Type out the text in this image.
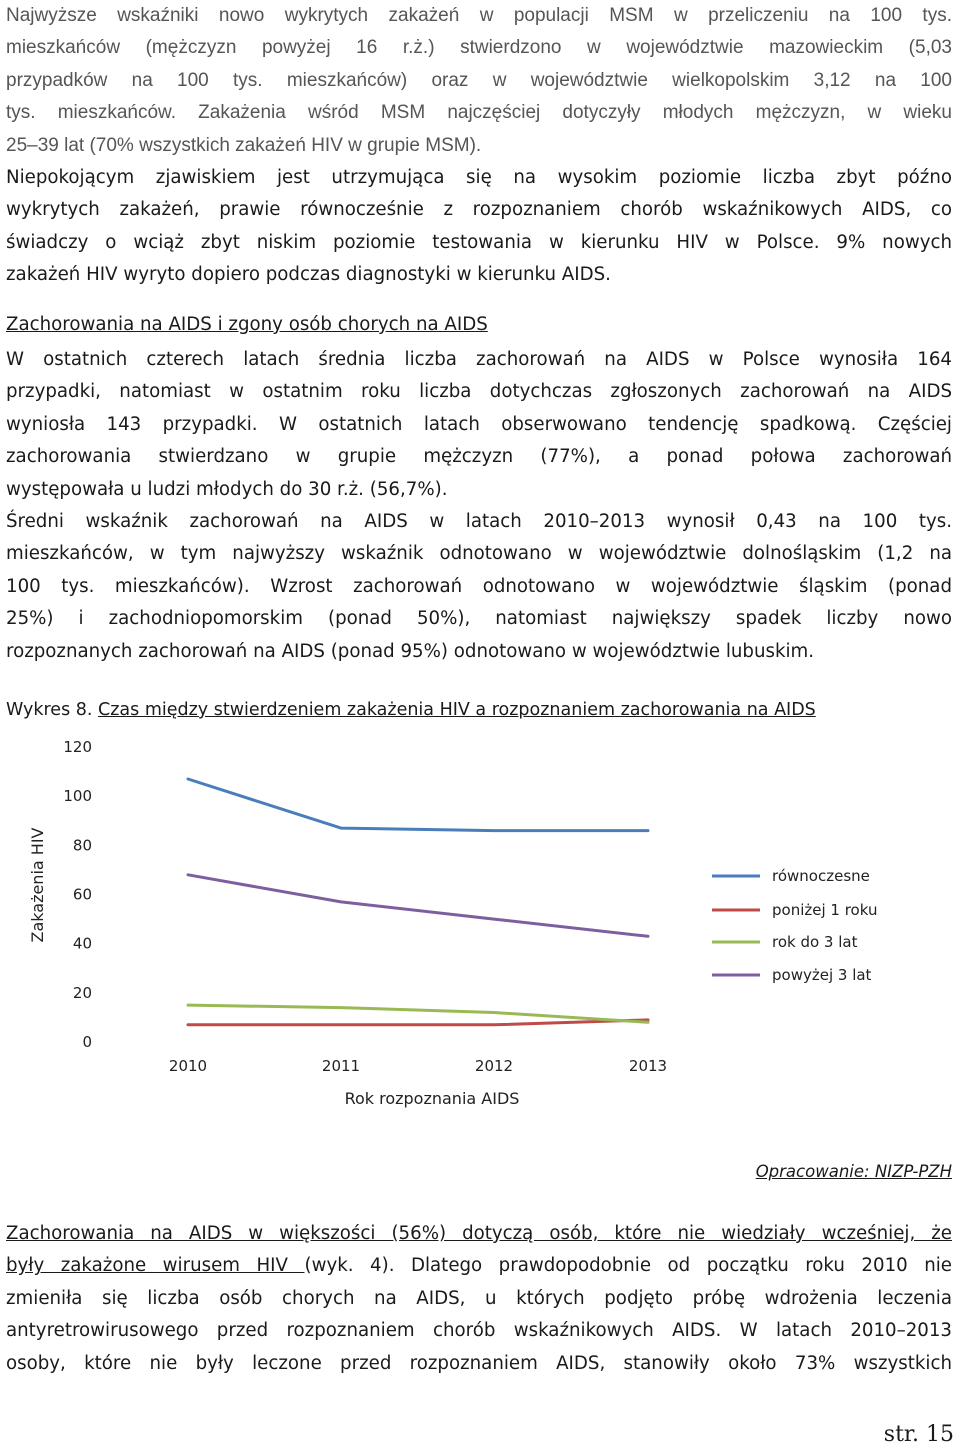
Najwyższe wskaźniki nowo wykrytych zakażeń w populacji MSM w przeliczeniu na 100 tys.
mieszkańców (mężczyzn powyżej 16 r.ż.) stwierdzono w województwie mazowieckim (5,03
przypadków na 100 tys. mieszkańców) oraz w województwie wielkopolskim 3,12 na 100
tys. mieszkańców. Zakażenia wśród MSM najczęściej dotyczyły młodych mężczyzn, w wieku
25–39 lat (70% wszystkich zakażeń HIV w grupie MSM).
Niepokojącym zjawiskiem jest utrzymująca się na wysokim poziomie liczba zbyt późno
wykrytych zakażeń, prawie równocześnie z rozpoznaniem chorób wskaźnikowych AIDS, co
świadczy o wciąż zbyt niskim poziomie testowania w kierunku HIV w Polsce. 9% nowych
zakażeń HIV wyryto dopiero podczas diagnostyki w kierunku AIDS.

Zachorowania na AIDS i zgony osób chorych na AIDS

W ostatnich czterech latach średnia liczba zachorowań na AIDS w Polsce wynosiła 164
przypadki, natomiast w ostatnim roku liczba dotychczas zgłoszonych zachorowań na AIDS
wyniosła 143 przypadki. W ostatnich latach obserwowano tendencję spadkową. Częściej
zachorowania stwierdzano w grupie mężczyzn (77%), a ponad połowa zachorowań
występowała u ludzi młodych do 30 r.ż. (56,7%).
Średni wskaźnik zachorowań na AIDS w latach 2010–2013 wynosił 0,43 na 100 tys.
mieszkańców, w tym najwyższy wskaźnik odnotowano w województwie dolnośląskim (1,2 na
100 tys. mieszkańców). Wzrost zachorowań odnotowano w województwie śląskim (ponad
25%) i zachodniopomorskim (ponad 50%), natomiast największy spadek liczby nowo
rozpoznanych zachorowań na AIDS (ponad 95%) odnotowano w województwie lubuskim.

Wykres 8. Czas między stwierdzeniem zakażenia HIV a rozpoznaniem zachorowania na AIDS

0
20
40
60
80
100
120
2010	2011	2012	2013
Rok rozpoznania AIDS
Zakażenia HIV	równoczesne
poniżej 1 roku
rok do 3 lat
powyżej 3 lat

Opracowanie: NIZP-PZH

Zachorowania na AIDS w większości (56%) dotyczą osób, które nie wiedziały wcześniej, że
były zakażone wirusem HIV (wyk. 4). Dlatego prawdopodobnie od początku roku 2010 nie
zmieniła się liczba osób chorych na AIDS, u których podjęto próbę wdrożenia leczenia
antyretrowirusowego przed rozpoznaniem chorób wskaźnikowych AIDS. W latach 2010–2013
osoby, które nie były leczone przed rozpoznaniem AIDS, stanowiły około 73% wszystkich

str. 15
